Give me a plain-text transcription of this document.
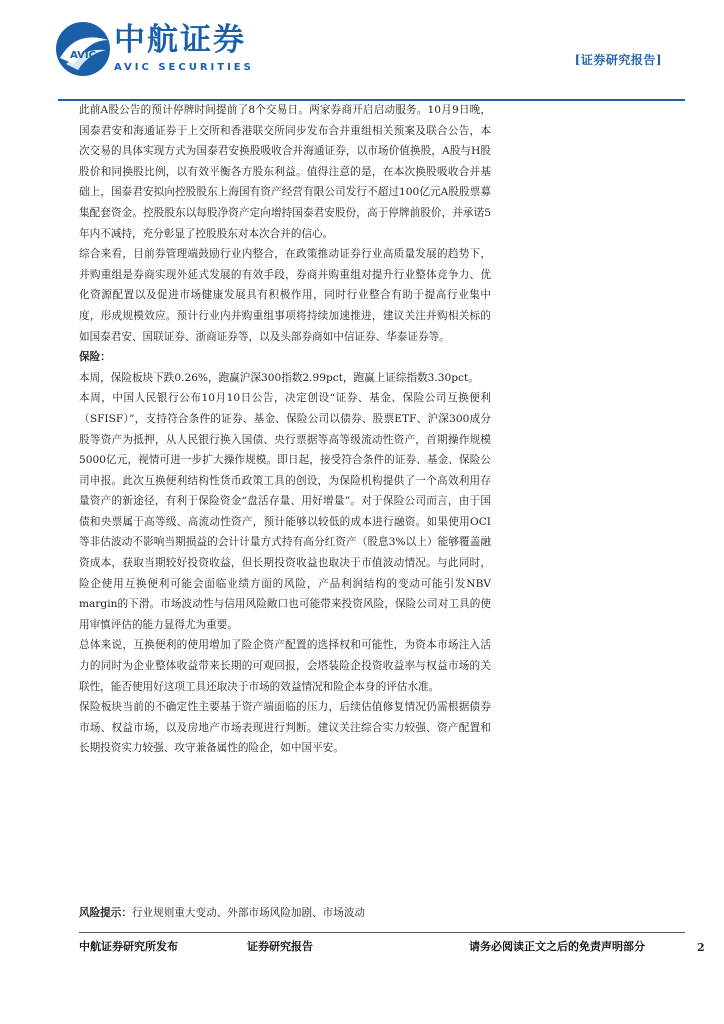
AVIC 中航证券
AVIC SECURITIES
[证券研究报告]

此前A股公告的预计停牌时间提前了8个交易日。两家券商开启启动服务。10月9日晚，国泰君安和海通证券于上交所和香港联交所同步发布合并重组相关预案及联合公告，本次交易的具体实现方式为国泰君安换股吸收合并海通证券，以市场价值换股，A股与H股股价和同换股比例，以有效平衡各方股东利益。值得注意的是，在本次换股吸收合并基础上，国泰君安拟向控股股东上海国有资产经营有限公司发行不超过100亿元A股股票募集配套资金。控股股东以每股净资产定向增持国泰君安股份，高于停牌前股价，并承诺5年内不减持，充分彰显了控股股东对本次合并的信心。

综合来看，目前券管理端鼓励行业内整合，在政策推动证券行业高质量发展的趋势下，并购重组是券商实现外延式发展的有效手段，券商并购重组对提升行业整体竞争力、优化资源配置以及促进市场健康发展具有积极作用，同时行业整合有助于提高行业集中度，形成规模效应。预计行业内并购重组事项将持续加速推进，建议关注并购相关标的如国泰君安、国联证券、浙商证券等，以及头部券商如中信证券、华泰证券等。

保险：

本周，保险板块下跌0.26%，跑赢沪深300指数2.99pct，跑赢上证综指数3.30pct。

本周，中国人民银行公布10月10日公告，决定创设“证券、基金、保险公司互换便利（SFISF）”，支持符合条件的证券、基金、保险公司以债券、股票ETF、沪深300成分股等资产为抵押，从人民银行换入国债、央行票据等高等级流动性资产，首期操作规模5000亿元，视情可进一步扩大操作规模。即日起，接受符合条件的证券、基金、保险公司申报。此次互换便利结构性货币政策工具的创设，为保险机构提供了一个高效利用存量资产的新途径，有利于保险资金“盘活存量、用好增量”。对于保险公司而言，由于国债和央票属于高等级、高流动性资产，预计能够以较低的成本进行融资。如果使用OCI等非估波动不影响当期损益的会计计量方式持有高分红资产（股息3%以上）能够覆盖融资成本，获取当期较好投资收益，但长期投资收益也取决于市值波动情况。与此同时，险企使用互换便利可能会面临业绩方面的风险，产品利润结构的变动可能引发NBV margin的下滑。市场波动性与信用风险敞口也可能带来投资风险，保险公司对工具的使用审慎评估的能力显得尤为重要。

总体来说，互换便利的使用增加了险企资产配置的选择权和可能性，为资本市场注入活力的同时为企业整体收益带来长期的可观回报，会塔装险企投资收益率与权益市场的关联性，能否使用好这项工具还取决于市场的效益情况和险企本身的评估水准。

保险板块当前的不确定性主要基于资产端面临的压力，后续估值修复情况仍需根据债券市场、权益市场，以及房地产市场表现进行判断。建议关注综合实力较强、资产配置和长期投资实力较强、攻守兼备属性的险企，如中国平安。

风险提示：行业规则重大变动、外部市场风险加剧、市场波动
中航证券研究所发布	证券研究报告	请务必阅读正文之后的免责声明部分	2
